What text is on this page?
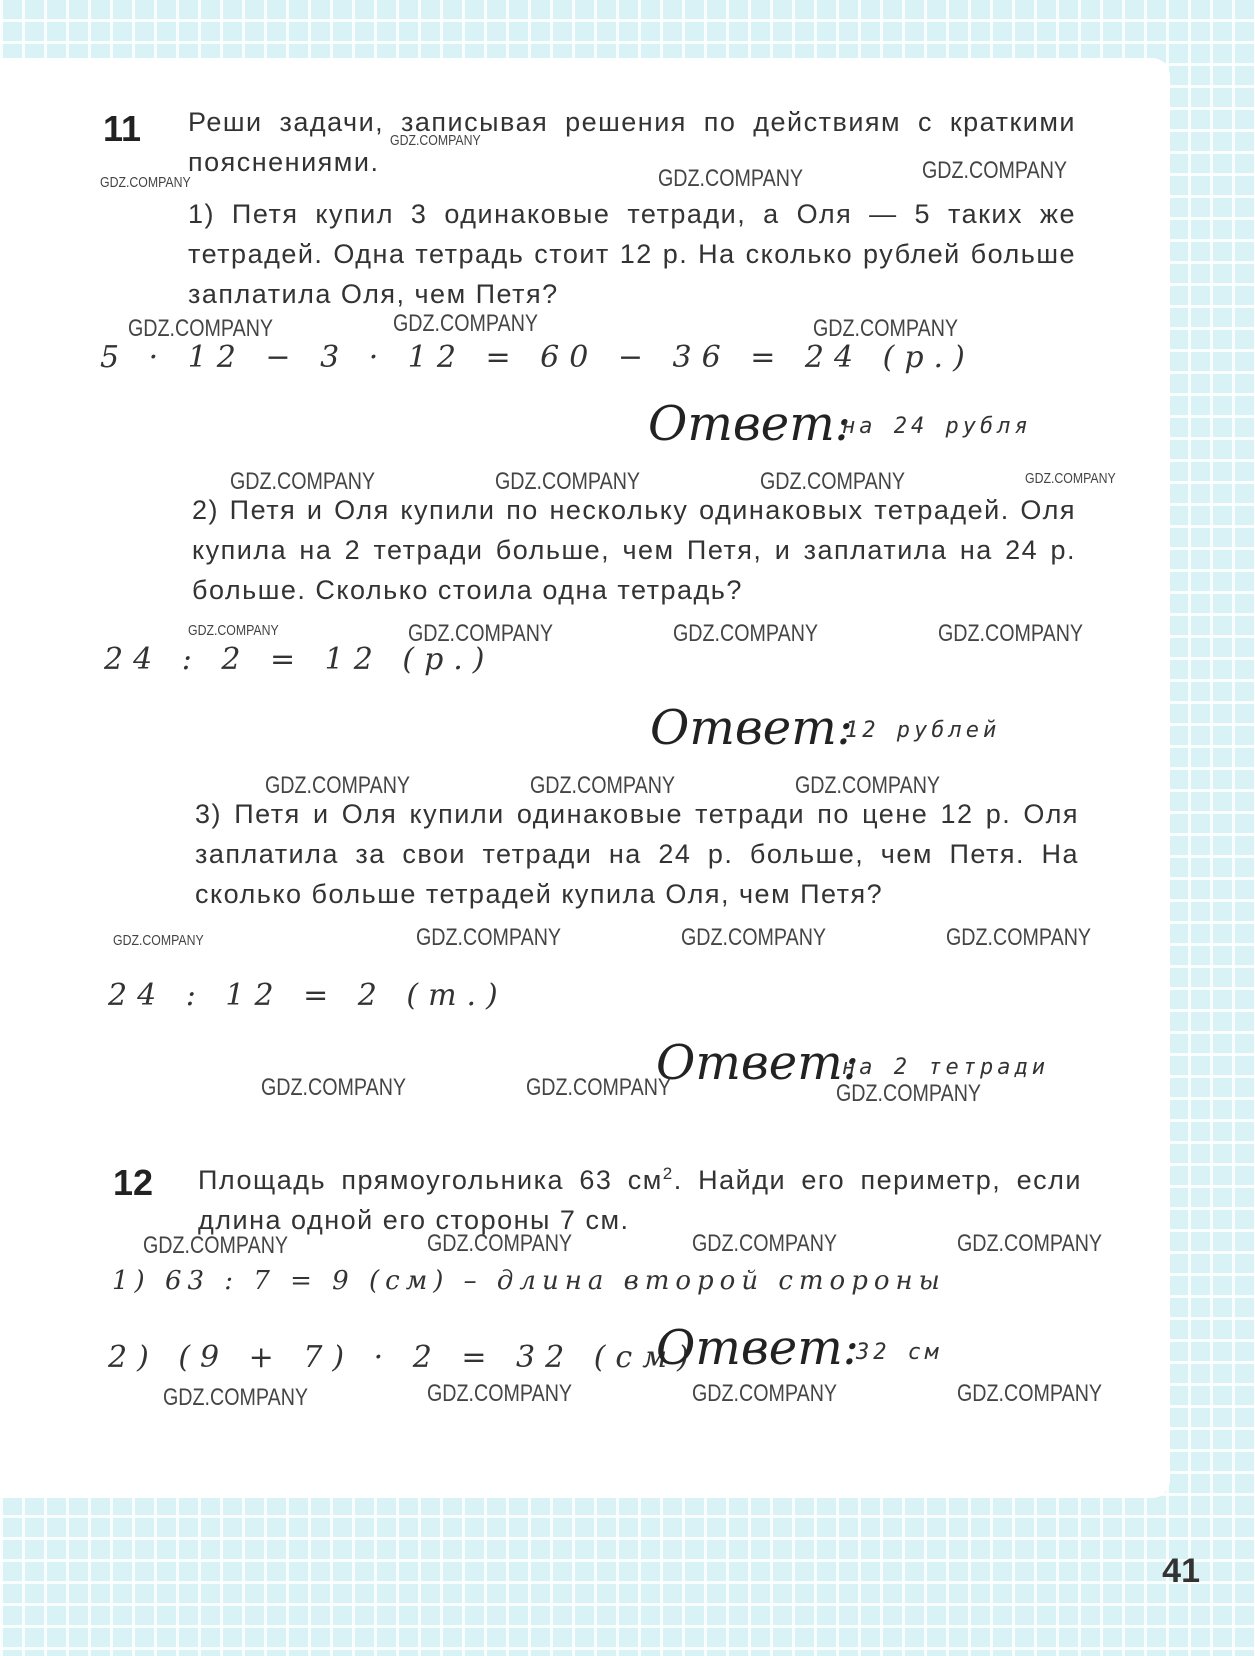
11 Реши задачи, записывая решения по действиям с краткими пояснениями.

1) Петя купил 3 одинаковые тетради, а Оля — 5 таких же тетрадей. Одна тетрадь стоит 12 р. На сколько рублей больше заплатила Оля, чем Петя?
5 · 12 − 3 · 12 = 60 − 36 = 24 (р.)
Ответ:
на 24 рубля
2) Петя и Оля купили по нескольку одинаковых тетрадей. Оля купила на 2 тетради больше, чем Петя, и заплатила на 24 р. больше. Сколько стоила одна тетрадь?
24 : 2 = 12 (р.)
Ответ:
12 рублей
3) Петя и Оля купили одинаковые тетради по цене 12 р. Оля заплатила за свои тетради на 24 р. больше, чем Петя. На сколько больше тетрадей купила Оля, чем Петя?
24 : 12 = 2 (т.)
Ответ:
на 2 тетради
12 Площадь прямоугольника 63 $см^2$. Найди его периметр, если длина одной его стороны 7 см.
1) 63 : 7 = 9 (см) – длина второй стороны
2) (9 + 7) · 2 = 32 (см)
Ответ:
32 см
GDZ.COMPANY
GDZ.COMPANY	GDZ.COMPANY	GDZ.COMPANY
GDZ.COMPANY	GDZ.COMPANY	GDZ.COMPANY
GDZ.COMPANY	GDZ.COMPANY	GDZ.COMPANY	GDZ.COMPANY
GDZ.COMPANY	GDZ.COMPANY	GDZ.COMPANY	GDZ.COMPANY
GDZ.COMPANY	GDZ.COMPANY	GDZ.COMPANY
GDZ.COMPANY	GDZ.COMPANY	GDZ.COMPANY	GDZ.COMPANY
GDZ.COMPANY	GDZ.COMPANY	GDZ.COMPANY
GDZ.COMPANY	GDZ.COMPANY	GDZ.COMPANY	GDZ.COMPANY
GDZ.COMPANY	GDZ.COMPANY	GDZ.COMPANY	GDZ.COMPANY
41
